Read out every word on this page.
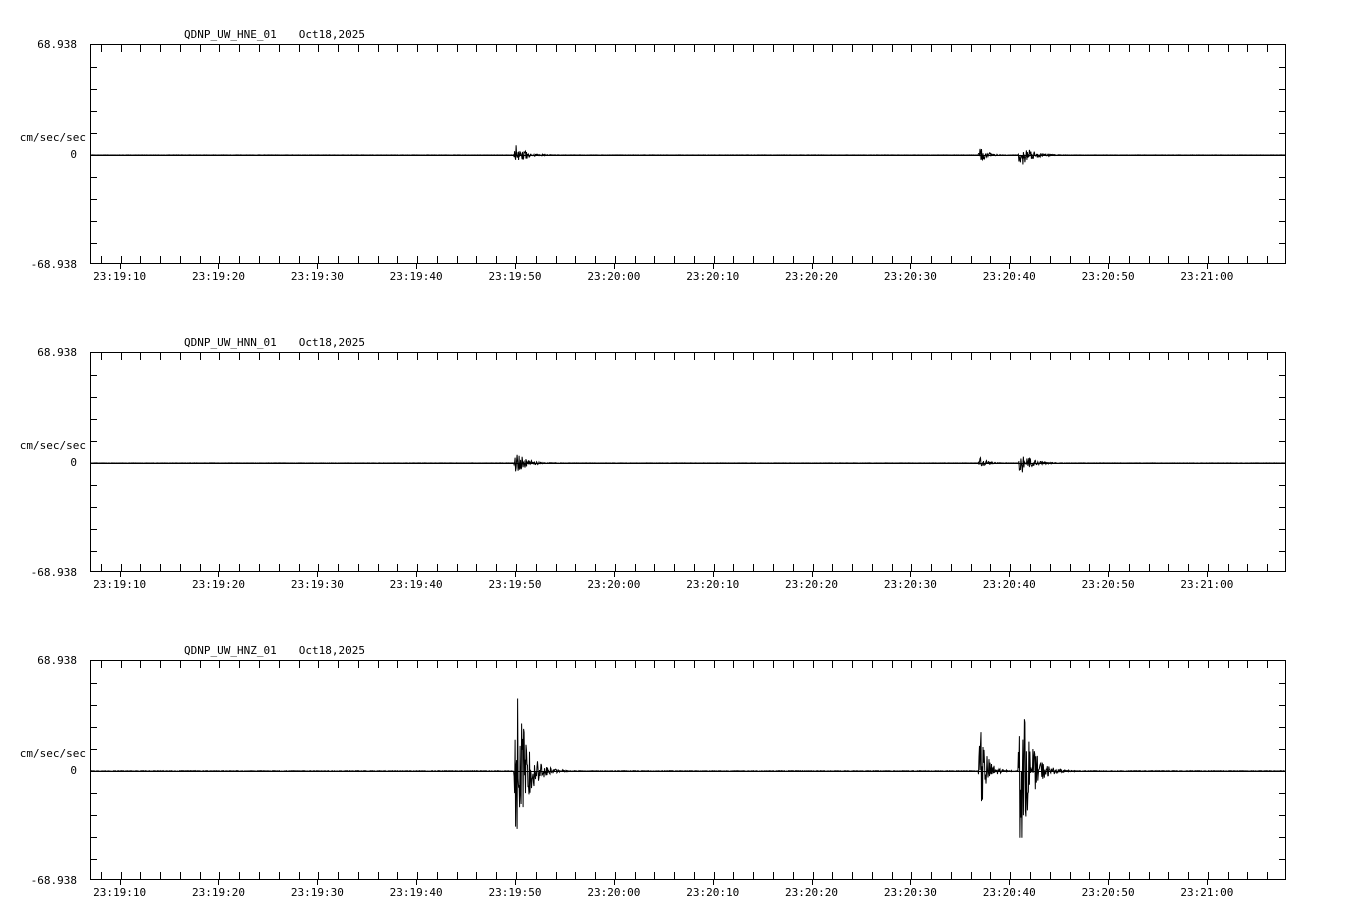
QDNP_UW_HNE_01 Oct18,2025
68.938
cm/sec/sec
0
-68.938
23:19:10	23:19:20	23:19:30	23:19:40	23:19:50	23:20:00	23:20:10	23:20:20	23:20:30	23:20:40	23:20:50	23:21:00
QDNP_UW_HNN_01 Oct18,2025
68.938
cm/sec/sec
0
-68.938
23:19:10	23:19:20	23:19:30	23:19:40	23:19:50	23:20:00	23:20:10	23:20:20	23:20:30	23:20:40	23:20:50	23:21:00
QDNP_UW_HNZ_01 Oct18,2025
68.938
cm/sec/sec
0
-68.938
23:19:10	23:19:20	23:19:30	23:19:40	23:19:50	23:20:00	23:20:10	23:20:20	23:20:30	23:20:40	23:20:50	23:21:00
